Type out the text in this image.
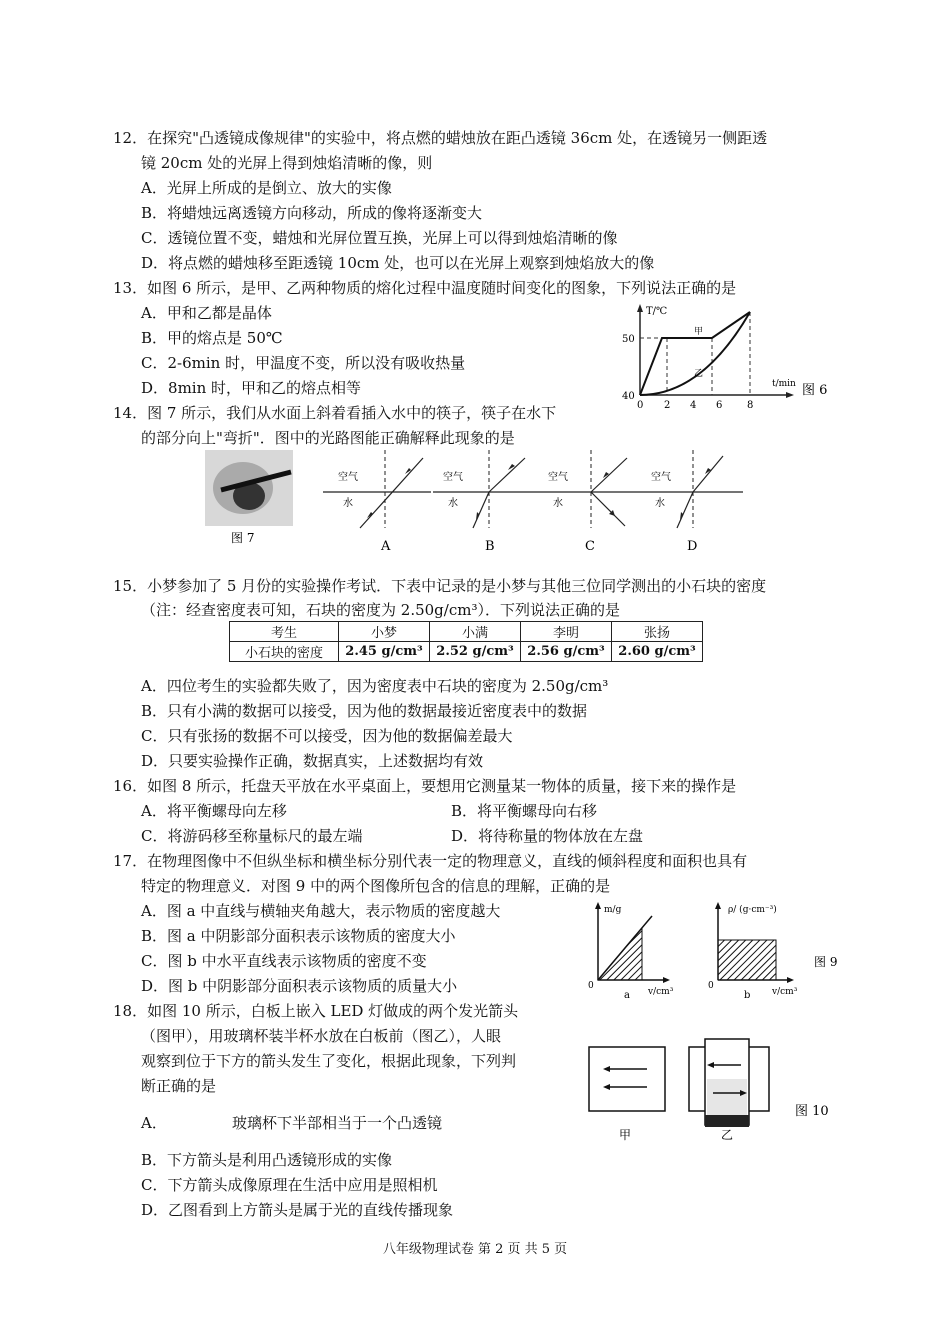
12．在探究"凸透镜成像规律"的实验中，将点燃的蜡烛放在距凸透镜 36cm 处，在透镜另一侧距透
镜 20cm 处的光屏上得到烛焰清晰的像，则
A．光屏上所成的是倒立、放大的实像
B．将蜡烛远离透镜方向移动，所成的像将逐渐变大
C．透镜位置不变，蜡烛和光屏位置互换，光屏上可以得到烛焰清晰的像
D．将点燃的蜡烛移至距透镜 10cm 处，也可以在光屏上观察到烛焰放大的像
13．如图 6 所示，是甲、乙两种物质的熔化过程中温度随时间变化的图象，下列说法正确的是
A．甲和乙都是晶体
B．甲的熔点是 50℃
C．2-6min 时，甲温度不变，所以没有吸收热量
D．8min 时，甲和乙的熔点相等
T/℃
50
40
0 2 4 6 8
t/min
甲
乙
图 6
14．图 7 所示，我们从水面上斜着看插入水中的筷子，筷子在水下
的部分向上"弯折"．图中的光路图能正确解释此现象的是
图 7
空气
水
A
空气
水
B
空气
水
C
空气
水
D
15．小梦参加了 5 月份的实验操作考试．下表中记录的是小梦与其他三位同学测出的小石块的密度
（注：经查密度表可知，石块的密度为 2.50g/cm³）．下列说法正确的是
考生	小梦	小满	李明	张扬
小石块的密度	2.45 g/cm³	2.52 g/cm³	2.56 g/cm³	2.60 g/cm³
A．四位考生的实验都失败了，因为密度表中石块的密度为 2.50g/cm³
B．只有小满的数据可以接受，因为他的数据最接近密度表中的数据
C．只有张扬的数据不可以接受，因为他的数据偏差最大
D．只要实验操作正确，数据真实，上述数据均有效
16．如图 8 所示，托盘天平放在水平桌面上，要想用它测量某一物体的质量，接下来的操作是
A．将平衡螺母向左移	B．将平衡螺母向右移
C．将游码移至称量标尺的最左端	D．将待称量的物体放在左盘
17．在物理图像中不但纵坐标和横坐标分别代表一定的物理意义，直线的倾斜程度和面积也具有
特定的物理意义．对图 9 中的两个图像所包含的信息的理解，正确的是
A．图 a 中直线与横轴夹角越大，表示物质的密度越大
B．图 a 中阴影部分面积表示该物质的密度大小
C．图 b 中水平直线表示该物质的密度不变
D．图 b 中阴影部分面积表示该物质的质量大小
m/g
0
v/cm³
a
ρ/ (g·cm⁻³)
0
v/cm³
b
图 9
18．如图 10 所示，白板上嵌入 LED 灯做成的两个发光箭头
（图甲），用玻璃杯装半杯水放在白板前（图乙），人眼
观察到位于下方的箭头发生了变化，根据此现象，下列判
断正确的是
A．	玻璃杯下半部相当于一个凸透镜
B．下方箭头是利用凸透镜形成的实像
C．下方箭头成像原理在生活中应用是照相机
D．乙图看到上方箭头是属于光的直线传播现象
甲	乙
图 10
八年级物理试卷 第 2 页 共 5 页
